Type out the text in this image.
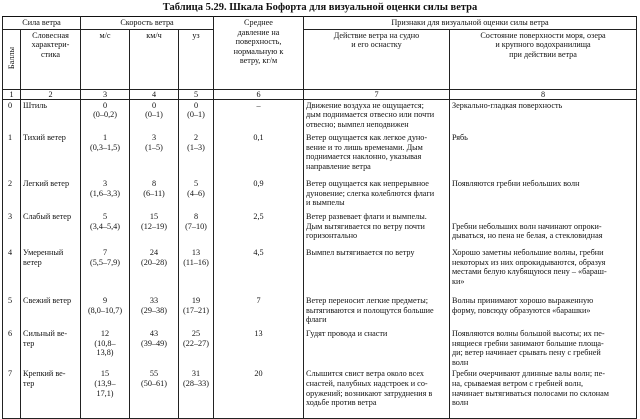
Таблица 5.29. Шкала Бофорта для визуальной оценки силы ветра
Сила ветра		Скорость ветра			Среднее
давление на
поверхность,
нормальную к
ветру, кг/м	Признаки для визуальной оценки силы ветра	
Баллы	Словесная
характери-
стика	м/с	км/ч	уз		Действие ветра на судно
и его оснастку	Состояние поверхности моря, озера
и крупного водохранилища
при действии ветра

1	2	3	4	5	6	7	8
0	Штиль	0
(0–0,2)	0
(0–1)	0
(0–1)	–	Движение воздуха не ощущается;
дым поднимается отвесно или почти
отвесно; вымпел неподвижен	Зеркально-гладкая поверхность

1	Тихий ветер	1
(0,3–1,5)	3
(1–5)	2
(1–3)	0,1	Ветер ощущается как легкое дуно-
вение и то лишь временами. Дым
поднимается наклонно, указывая
направление ветра	Рябь

2	Легкий ветер	3
(1,6–3,3)	8
(6–11)	5
(4–6)	0,9	Ветер ощущается как непрерывное
дуновение; слегка колеблются флаги
и вымпелы	Появляются гребни небольших волн

3	Слабый ветер	5
(3,4–5,4)	15
(12–19)	8
(7–10)	2,5	Ветер развевает флаги и вымпелы.
Дым вытягивается по ветру почти
горизонтально	Гребни небольших волн начинают опроки-
дываться, но пена не белая, а стекловидная

4	Умеренный
ветер	7
(5,5–7,9)	24
(20–28)	13
(11–16)	4,5	Вымпел вытягивается по ветру	Хорошо заметны небольшие волны, гребни
некоторых из них опрокидываются, образуя
местами белую клубящуюся пену – «бараш-
ки»

5	Свежий ветер	9
(8,0–10,7)	33
(29–38)	19
(17–21)	7	Ветер переносит легкие предметы;
вытягиваются и полощутся большие
флаги	Волны принимают хорошо выраженную
форму, повсюду образуются «барашки»

6	Сильный ве-
тер	12
(10,8–
13,8)	43
(39–49)	25
(22–27)	13	Гудят провода и снасти	Появляются волны большой высоты; их пе-
нящиеся гребни занимают большие площа-
ди; ветер начинает срывать пену с гребней
волн

7	Крепкий ве-
тер	15
(13,9–
17,1)	55
(50–61)	31
(28–33)	20	Слышится свист ветра около всех
снастей, палубных надстроек и со-
оружений; возникают затруднения в
ходьбе против ветра	Гребни очерчивают длинные валы волн; пе-
на, срываемая ветром с гребней волн,
начинает вытягиваться полосами по склонам
волн
